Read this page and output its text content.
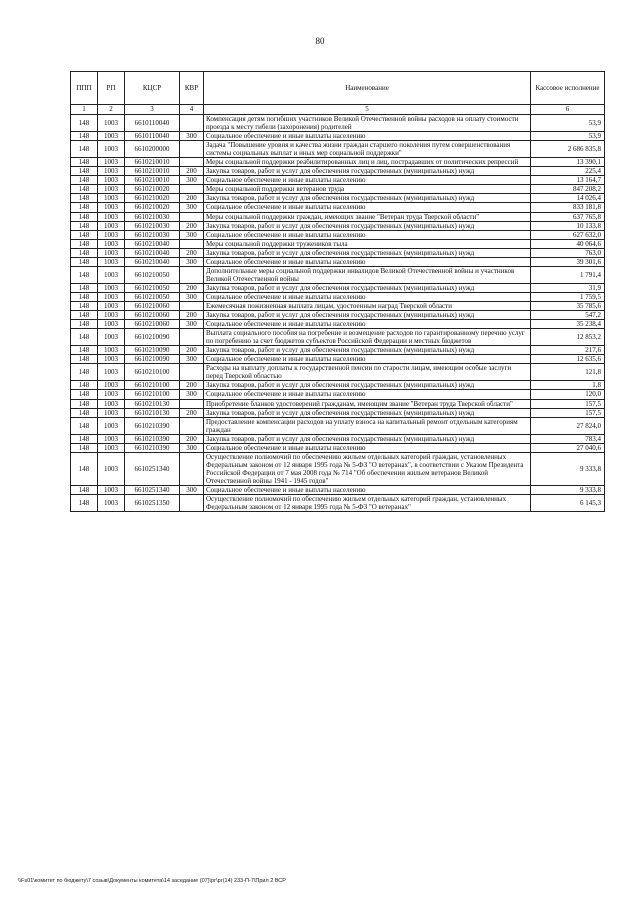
80
ППП	РП	КЦСР	КВР	Наименование	Кассовое исполнение
1	2	3	4	5	6
148	1003	6610110040		Компенсация детям погибших участников Великой Отечественной войны расходов на оплату стоимости проезда к месту гибели (захоронения) родителей	53,9
148	1003	6610110040	300	Социальное обеспечение и иные выплаты населению	53,9
148	1003	6610200000		Задача "Повышение уровня и качества жизни граждан старшего поколения путем совершенствования системы социальных выплат и иных мер социальной поддержки"	2 686 835,8
148	1003	6610210010		Меры социальной поддержки реабилитированных лиц и лиц, пострадавших от политических репрессий	13 390,1
148	1003	6610210010	200	Закупка товаров, работ и услуг для обеспечения государственных (муниципальных) нужд	225,4
148	1003	6610210010	300	Социальное обеспечение и иные выплаты населению	13 164,7
148	1003	6610210020		Меры социальной поддержки ветеранов труда	847 208,2
148	1003	6610210020	200	Закупка товаров, работ и услуг для обеспечения государственных (муниципальных) нужд	14 026,4
148	1003	6610210020	300	Социальное обеспечение и иные выплаты населению	833 181,8
148	1003	6610210030		Меры социальной поддержки граждан, имеющих звание "Ветеран труда Тверской области"	637 765,8
148	1003	6610210030	200	Закупка товаров, работ и услуг для обеспечения государственных (муниципальных) нужд	10 133,8
148	1003	6610210030	300	Социальное обеспечение и иные выплаты населению	627 632,0
148	1003	6610210040		Меры социальной поддержки тружеников тыла	40 064,6
148	1003	6610210040	200	Закупка товаров, работ и услуг для обеспечения государственных (муниципальных) нужд	763,0
148	1003	6610210040	300	Социальное обеспечение и иные выплаты населению	39 301,6
148	1003	6610210050		Дополнительные меры социальной поддержки инвалидов Великой Отечественной войны и участников Великой Отечественной войны	1 791,4
148	1003	6610210050	200	Закупка товаров, работ и услуг для обеспечения государственных (муниципальных) нужд	31,9
148	1003	6610210050	300	Социальное обеспечение и иные выплаты населению	1 759,5
148	1003	6610210060		Ежемесячная пожизненная выплата лицам, удостоенным наград Тверской области	35 785,6
148	1003	6610210060	200	Закупка товаров, работ и услуг для обеспечения государственных (муниципальных) нужд	547,2
148	1003	6610210060	300	Социальное обеспечение и иные выплаты населению	35 238,4
148	1003	6610210090		Выплата социального пособия на погребение и возмещение расходов по гарантированному перечню услуг по погребению за счет бюджетов субъектов Российской Федерации и местных бюджетов	12 853,2
148	1003	6610210090	200	Закупка товаров, работ и услуг для обеспечения государственных (муниципальных) нужд	217,6
148	1003	6610210090	300	Социальное обеспечение и иные выплаты населению	12 635,6
148	1003	6610210100		Расходы на выплату доплаты к государственной пенсии по старости лицам, имеющим особые заслуги перед Тверской областью	121,8
148	1003	6610210100	200	Закупка товаров, работ и услуг для обеспечения государственных (муниципальных) нужд	1,8
148	1003	6610210100	300	Социальное обеспечение и иные выплаты населению	120,0
148	1003	6610210130		Приобретение бланков удостоверений гражданам, имеющим звание "Ветеран труда Тверской области"	157,5
148	1003	6610210130	200	Закупка товаров, работ и услуг для обеспечения государственных (муниципальных) нужд	157,5
148	1003	6610210390		Предоставление компенсации расходов на уплату взноса на капитальный ремонт отдельным категориям граждан	27 824,0
148	1003	6610210390	200	Закупка товаров, работ и услуг для обеспечения государственных (муниципальных) нужд	783,4
148	1003	6610210390	300	Социальное обеспечение и иные выплаты населению	27 040,6
148	1003	6610251340		Осуществление полномочий по обеспечению жильем отдельных категорий граждан, установленных Федеральным законом от 12 января 1995 года № 5-ФЗ "О ветеранах", в соответствии с Указом Президента Российской Федерации от 7 мая 2008 года № 714 "Об обеспечении жильем ветеранов Великой Отечественной войны 1941 - 1945 годов"	9 333,8
148	1003	6610251340	300	Социальное обеспечение и иные выплаты населению	9 333,8
148	1003	6610251350		Осуществление полномочий по обеспечению жильем отдельных категорий граждан, установленных Федеральным законом от 12 января 1995 года № 5-ФЗ "О ветеранах"	6 145,3
\\Fs01\комитет по бюджету\7 созыв\Документы комитета\14 заседание (07)\рг\рг(14) 233-П-7\Прил 2 ВСР
